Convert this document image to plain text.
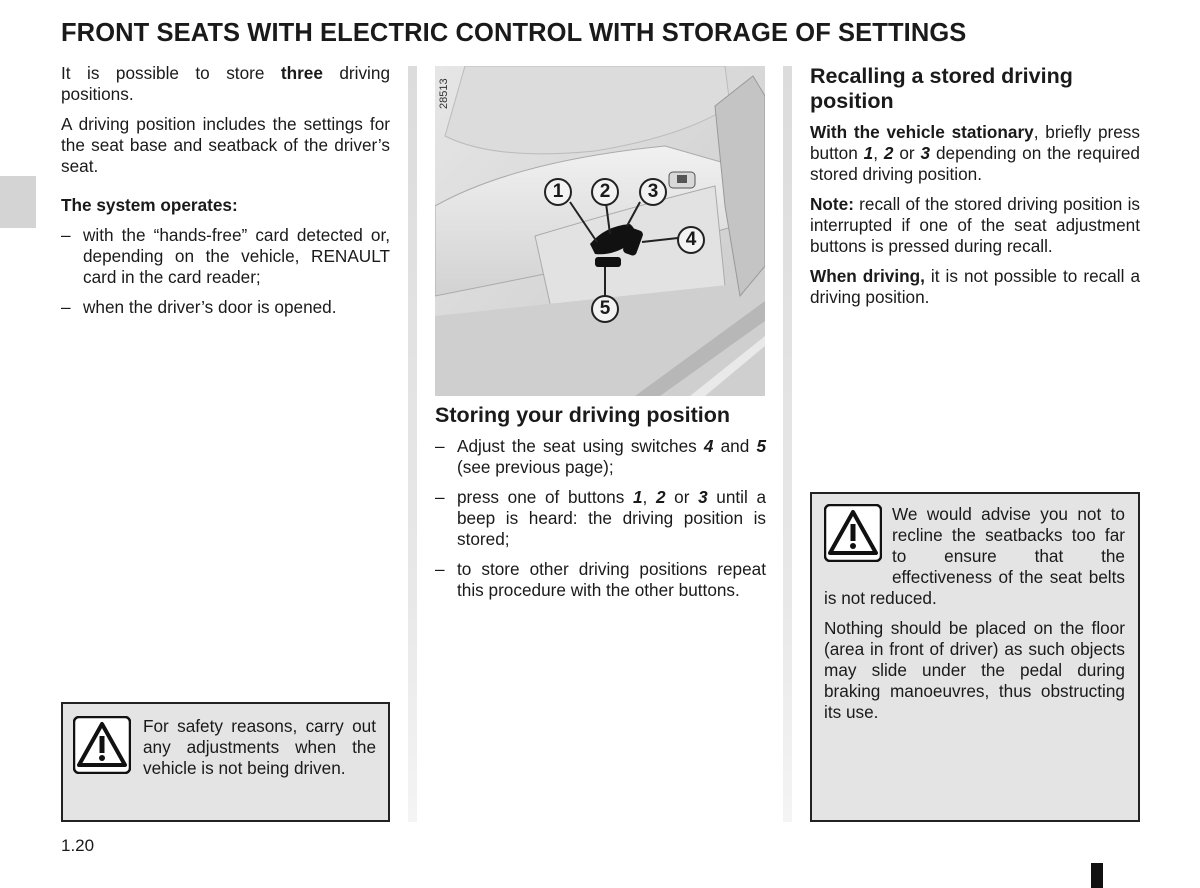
FRONT SEATS WITH ELECTRIC CONTROL WITH STORAGE OF SETTINGS

It is possible to store three driving positions.

A driving position includes the settings for the seat base and seatback of the driver’s seat.

The system operates:

– with the “hands-free” card detected or, depending on the vehicle, RENAULT card in the card reader;
– when the driver’s door is opened.

For safety reasons, carry out any adjustments when the vehicle is not being driven.

28513
1	2	3
4
5
Storing your driving position
– Adjust the seat using switches 4 and 5 (see previous page);
– press one of buttons 1, 2 or 3 until a beep is heard: the driving position is stored;
– to store other driving positions repeat this procedure with the other buttons.
Recalling a stored driving position

With the vehicle stationary, briefly press button 1, 2 or 3 depending on the required stored driving position.

Note: recall of the stored driving position is interrupted if one of the seat adjustment buttons is pressed during recall.

When driving, it is not possible to recall a driving position.

We would advise you not to recline the seatbacks too far to ensure that the effectiveness of the seat belts is not reduced.

Nothing should be placed on the floor (area in front of driver) as such objects may slide under the pedal during braking manoeuvres, thus obstructing its use.

1.20
